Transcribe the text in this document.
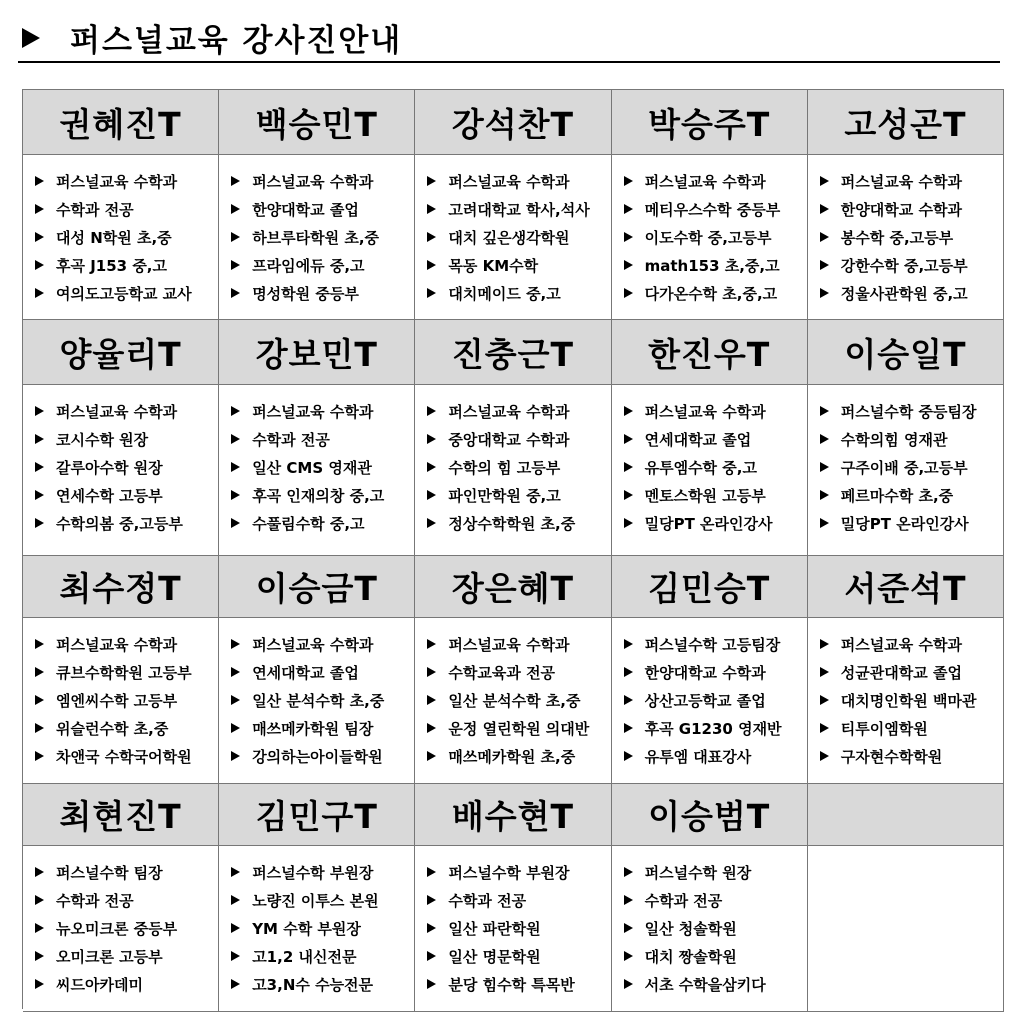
퍼스널교육 강사진안내
권혜진T 백승민T 강석찬T 박승주T 고성곤T
퍼스널교육 수학과
수학과 전공
대성 N학원 초,중
후곡 J153 중,고
여의도고등학교 교사
퍼스널교육 수학과
한양대학교 졸업
하브루타학원 초,중
프라임에듀 중,고
명성학원 중등부
퍼스널교육 수학과
고려대학교 학사,석사
대치 깊은생각학원
목동 KM수학
대치메이드 중,고
퍼스널교육 수학과
메티우스수학 중등부
이도수학 중,고등부
math153 초,중,고
다가온수학 초,중,고
퍼스널교육 수학과
한양대학교 수학과
봉수학 중,고등부
강한수학 중,고등부
정울사관학원 중,고
양율리T 강보민T 진충근T 한진우T 이승일T
퍼스널교육 수학과
코시수학 원장
갈루아수학 원장
연세수학 고등부
수학의봄 중,고등부
퍼스널교육 수학과
수학과 전공
일산 CMS 영재관
후곡 인재의창 중,고
수풀림수학 중,고
퍼스널교육 수학과
중앙대학교 수학과
수학의 힘 고등부
파인만학원 중,고
정상수학학원 초,중
퍼스널교육 수학과
연세대학교 졸업
유투엠수학 중,고
멘토스학원 고등부
밀당PT 온라인강사
퍼스널수학 중등팀장
수학의힘 영재관
구주이배 중,고등부
페르마수학 초,중
밀당PT 온라인강사
최수정T 이승금T 장은혜T 김민승T 서준석T
퍼스널교육 수학과
큐브수학학원 고등부
엠엔씨수학 고등부
위슬런수학 초,중
차앤국 수학국어학원
퍼스널교육 수학과
연세대학교 졸업
일산 분석수학 초,중
매쓰메카학원 팀장
강의하는아이들학원
퍼스널교육 수학과
수학교육과 전공
일산 분석수학 초,중
운정 열린학원 의대반
매쓰메카학원 초,중
퍼스널수학 고등팀장
한양대학교 수학과
상산고등학교 졸업
후곡 G1230 영재반
유투엠 대표강사
퍼스널교육 수학과
성균관대학교 졸업
대치명인학원 백마관
티투이엠학원
구자현수학학원
최현진T 김민구T 배수현T 이승범T
퍼스널수학 팀장
수학과 전공
뉴오미크론 중등부
오미크론 고등부
씨드아카데미
퍼스널수학 부원장
노량진 이투스 본원
YM 수학 부원장
고1,2 내신전문
고3,N수 수능전문
퍼스널수학 부원장
수학과 전공
일산 파란학원
일산 명문학원
분당 힘수학 특목반
퍼스널수학 원장
수학과 전공
일산 청솔학원
대치 짱솔학원
서초 수학을삼키다
